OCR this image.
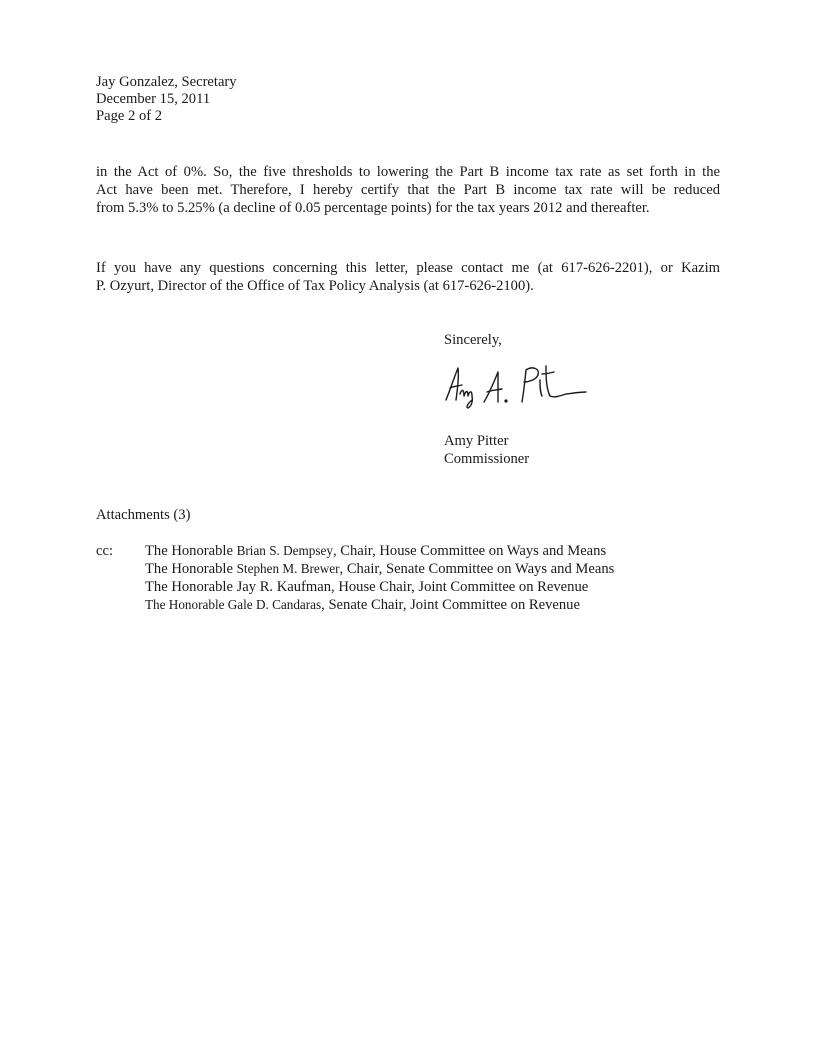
Jay Gonzalez, Secretary
December 15, 2011
Page 2 of 2
in the Act of 0%. So, the five thresholds to lowering the Part B income tax rate as set forth in the
Act have been met. Therefore, I hereby certify that the Part B income tax rate will be reduced
from 5.3% to 5.25% (a decline of 0.05 percentage points) for the tax years 2012 and thereafter.
If you have any questions concerning this letter, please contact me (at 617-626-2201), or Kazim
P. Ozyurt, Director of the Office of Tax Policy Analysis (at 617-626-2100).
Sincerely,
Amy Pitter
Commissioner
Attachments (3)
cc: The Honorable Brian S. Dempsey, Chair, House Committee on Ways and Means
The Honorable Stephen M. Brewer, Chair, Senate Committee on Ways and Means
The Honorable Jay R. Kaufman, House Chair, Joint Committee on Revenue
The Honorable Gale D. Candaras, Senate Chair, Joint Committee on Revenue
